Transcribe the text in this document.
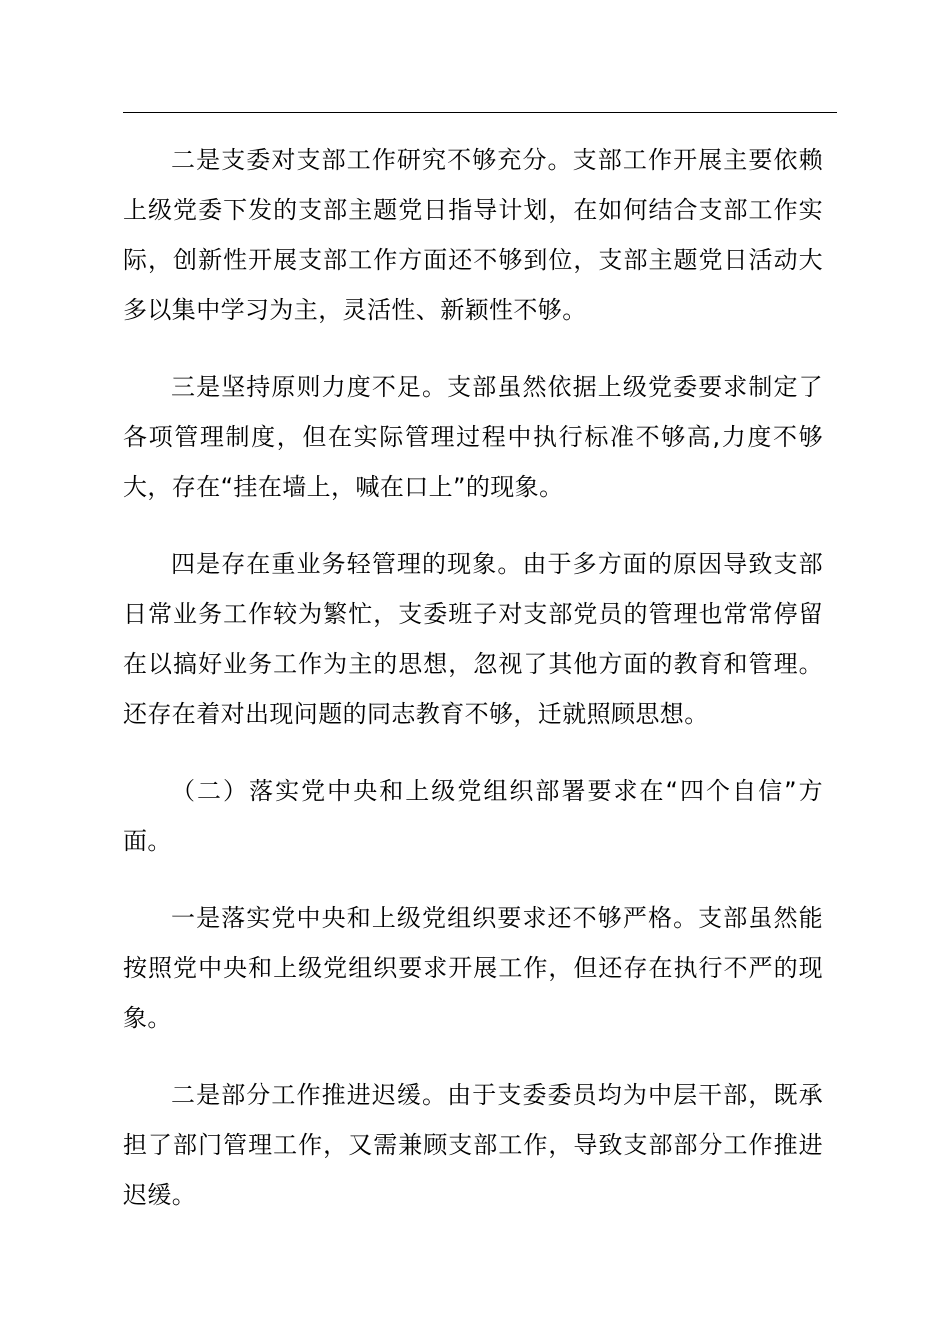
二是支委对支部工作研究不够充分。支部工作开展主要依赖上级党委下发的支部主题党日指导计划，在如何结合支部工作实际，创新性开展支部工作方面还不够到位，支部主题党日活动大多以集中学习为主，灵活性、新颖性不够。

三是坚持原则力度不足。支部虽然依据上级党委要求制定了各项管理制度，但在实际管理过程中执行标准不够高,力度不够大，存在“挂在墙上，喊在口上”的现象。

四是存在重业务轻管理的现象。由于多方面的原因导致支部日常业务工作较为繁忙，支委班子对支部党员的管理也常常停留在以搞好业务工作为主的思想，忽视了其他方面的教育和管理。还存在着对出现问题的同志教育不够，迁就照顾思想。

（二）落实党中央和上级党组织部署要求在“四个自信”方面。

一是落实党中央和上级党组织要求还不够严格。支部虽然能按照党中央和上级党组织要求开展工作，但还存在执行不严的现象。

二是部分工作推进迟缓。由于支委委员均为中层干部，既承担了部门管理工作，又需兼顾支部工作，导致支部部分工作推进迟缓。
